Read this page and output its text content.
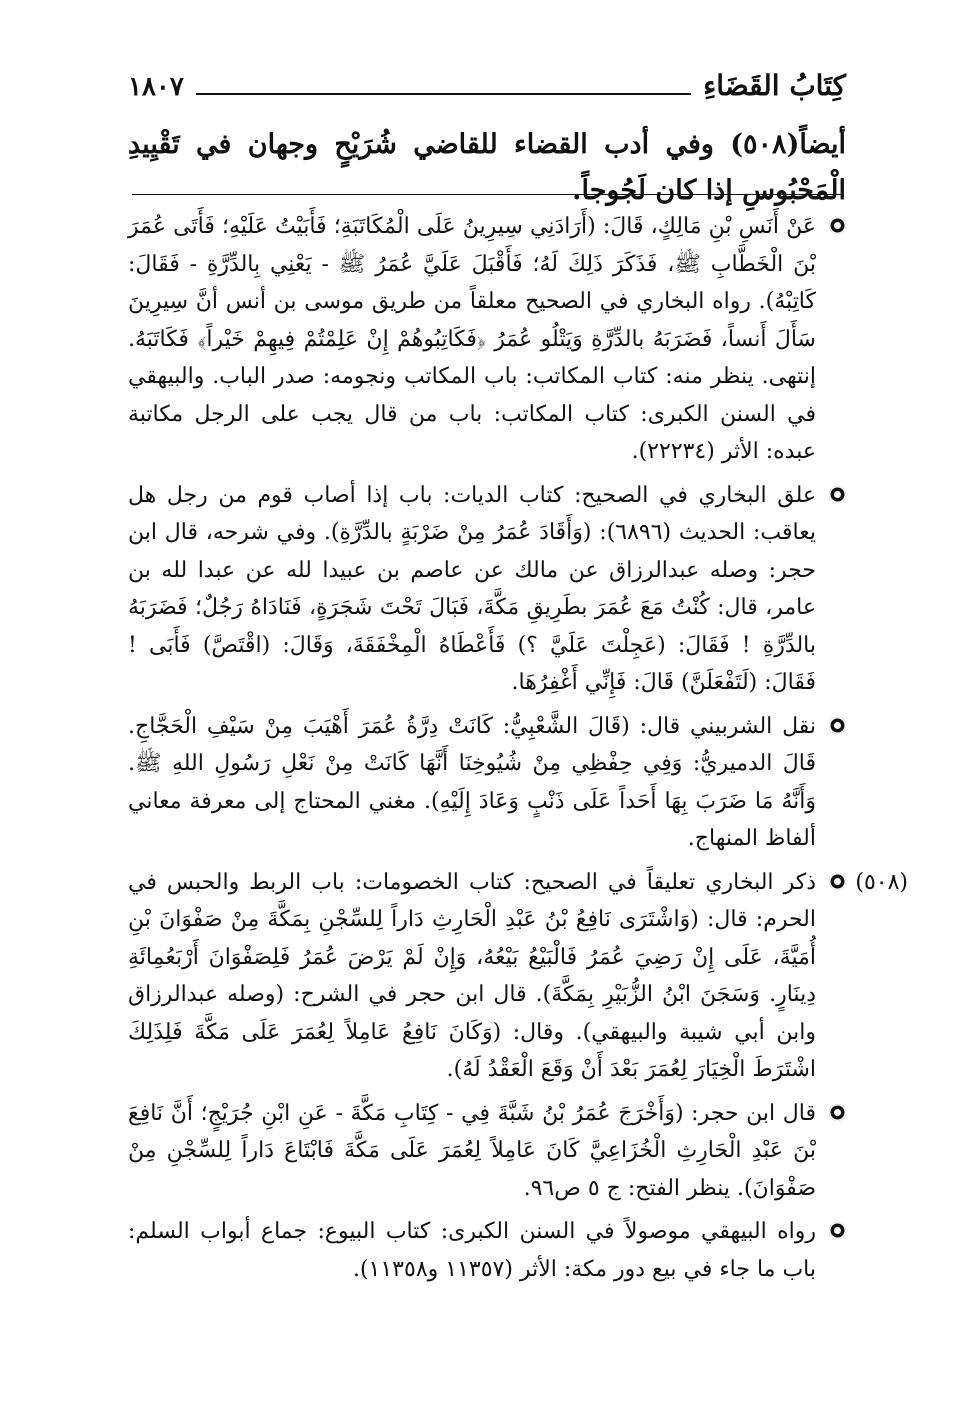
كِتَابُ القَضَاءِ
١٨٠٧
أيضاً(٥٠٨) وفي أدب القضاء للقاضي شُرَيْحٍ وجهان في تَقْيِيدِ الْمَحْبُوسِ إذا كان لَجُوجاً.
عَنْ أَنَسِ بْنِ مَالِكٍ، قَالَ: (أَرَادَنِي سِيرِينُ عَلَى الْمُكَاتَبَةِ؛ فَأَبَيْتُ عَلَيْهِ؛ فَأَتَى عُمَرَ بْنَ الْخَطَّابِ ﷺ، فَذَكَرَ ذَلِكَ لَهُ؛ فَأَقْبَلَ عَلَيَّ عُمَرُ ﷺ - يَعْنِي بِالدِّرَّةِ - فَقَالَ: كَاتِبْهُ). رواه البخاري في الصحيح معلقاً من طريق موسى بن أنس أنَّ سِيرِينَ سَأَلَ أَنساً، فَضَرَبَهُ بالدِّرَّةِ وَيَتْلُو عُمَرُ ﴿فَكَاتِبُوهُمْ إِنْ عَلِمْتُمْ فِيهِمْ خَيْراً﴾ فَكَاتَبَهُ. إنتهى. ينظر منه: كتاب المكاتب: باب المكاتب ونجومه: صدر الباب. والبيهقي في السنن الكبرى: كتاب المكاتب: باب من قال يجب على الرجل مكاتبة عبده: الأثر (٢٢٢٣٤).
علق البخاري في الصحيح: كتاب الديات: باب إذا أصاب قوم من رجل هل يعاقب: الحديث (٦٨٩٦): (وَأَقَادَ عُمَرُ مِنْ ضَرْبَةٍ بالدِّرَّةِ). وفي شرحه، قال ابن حجر: وصله عبدالرزاق عن مالك عن عاصم بن عبيدا لله عن عبدا لله بن عامر، قال: كُنْتُ مَعَ عُمَرَ بطَرِيقِ مَكَّةَ، فَبَالَ تَحْتَ شَجَرَةٍ، فَنَادَاهُ رَجُلٌ؛ فَضَرَبَهُ بالدِّرَّةِ ! فَقَالَ: (عَجِلْتَ عَلَيَّ ؟) فَأَعْطَاهُ الْمِخْفَقَةَ، وَقَالَ: (اقْتَصَّ) فَأَبَى ! فَقَالَ: (لَتَفْعَلَنَّ) قَالَ: فَإِنِّي أَغْفِرُهَا.
نقل الشربيني قال: (قَالَ الشَّعْبِيُّ: كَانَتْ دِرَّةُ عُمَرَ أَهْيَبَ مِنْ سَيْفِ الْحَجَّاجِ. قَالَ الدميريُّ: وَفِي حِفْظِي مِنْ شُيُوخِنَا أَنَّهَا كَانَتْ مِنْ نَعْلِ رَسُولِ اللهِ ﷺ. وَأَنَّهُ مَا ضَرَبَ بِهَا أَحَداً عَلَى ذَنْبٍ وَعَادَ إِلَيْهِ). مغني المحتاج إلى معرفة معاني ألفاظ المنهاج.
(٥٠٨)
ذكر البخاري تعليقاً في الصحيح: كتاب الخصومات: باب الربط والحبس في الحرم: قال: (وَاشْتَرَى نَافِعُ بْنُ عَبْدِ الْحَارِثِ دَاراً لِلسِّجْنِ بِمَكَّةَ مِنْ صَفْوَانَ بْنِ أُمَيَّةَ، عَلَى إِنْ رَضِيَ عُمَرُ فَالْبَيْعُ بَيْعُهُ، وَإِنْ لَمْ يَرْضَ عُمَرُ فَلِصَفْوَانَ أَرْبَعُمِائَةِ دِينَارٍ. وَسَجَنَ ابْنُ الزُّبَيْرِ بِمَكَّةَ). قال ابن حجر في الشرح: (وصله عبدالرزاق وابن أبي شيبة والبيهقي). وقال: (وَكَانَ نَافِعُ عَامِلاً لِعُمَرَ عَلَى مَكَّةَ فَلِذَلِكَ اشْتَرَطَ الْخِيَارَ لِعُمَرَ بَعْدَ أَنْ وَقَعَ الْعَقْدُ لَهُ).
قال ابن حجر: (وَأَخْرَجَ عُمَرُ بْنُ شَبَّةَ فِي - كِتَابِ مَكَّةَ - عَنِ ابْنِ جُرَيْجٍ؛ أَنَّ نَافِعَ بْنَ عَبْدِ الْحَارِثِ الْخُزَاعِيَّ كَانَ عَامِلاً لِعُمَرَ عَلَى مَكَّةَ فَابْتَاعَ دَاراً لِلسِّجْنِ مِنْ صَفْوَانَ). ينظر الفتح: ج ٥ ص٩٦.
رواه البيهقي موصولاً في السنن الكبرى: كتاب البيوع: جماع أبواب السلم: باب ما جاء في بيع دور مكة: الأثر (١١٣٥٧ و١١٣٥٨).
